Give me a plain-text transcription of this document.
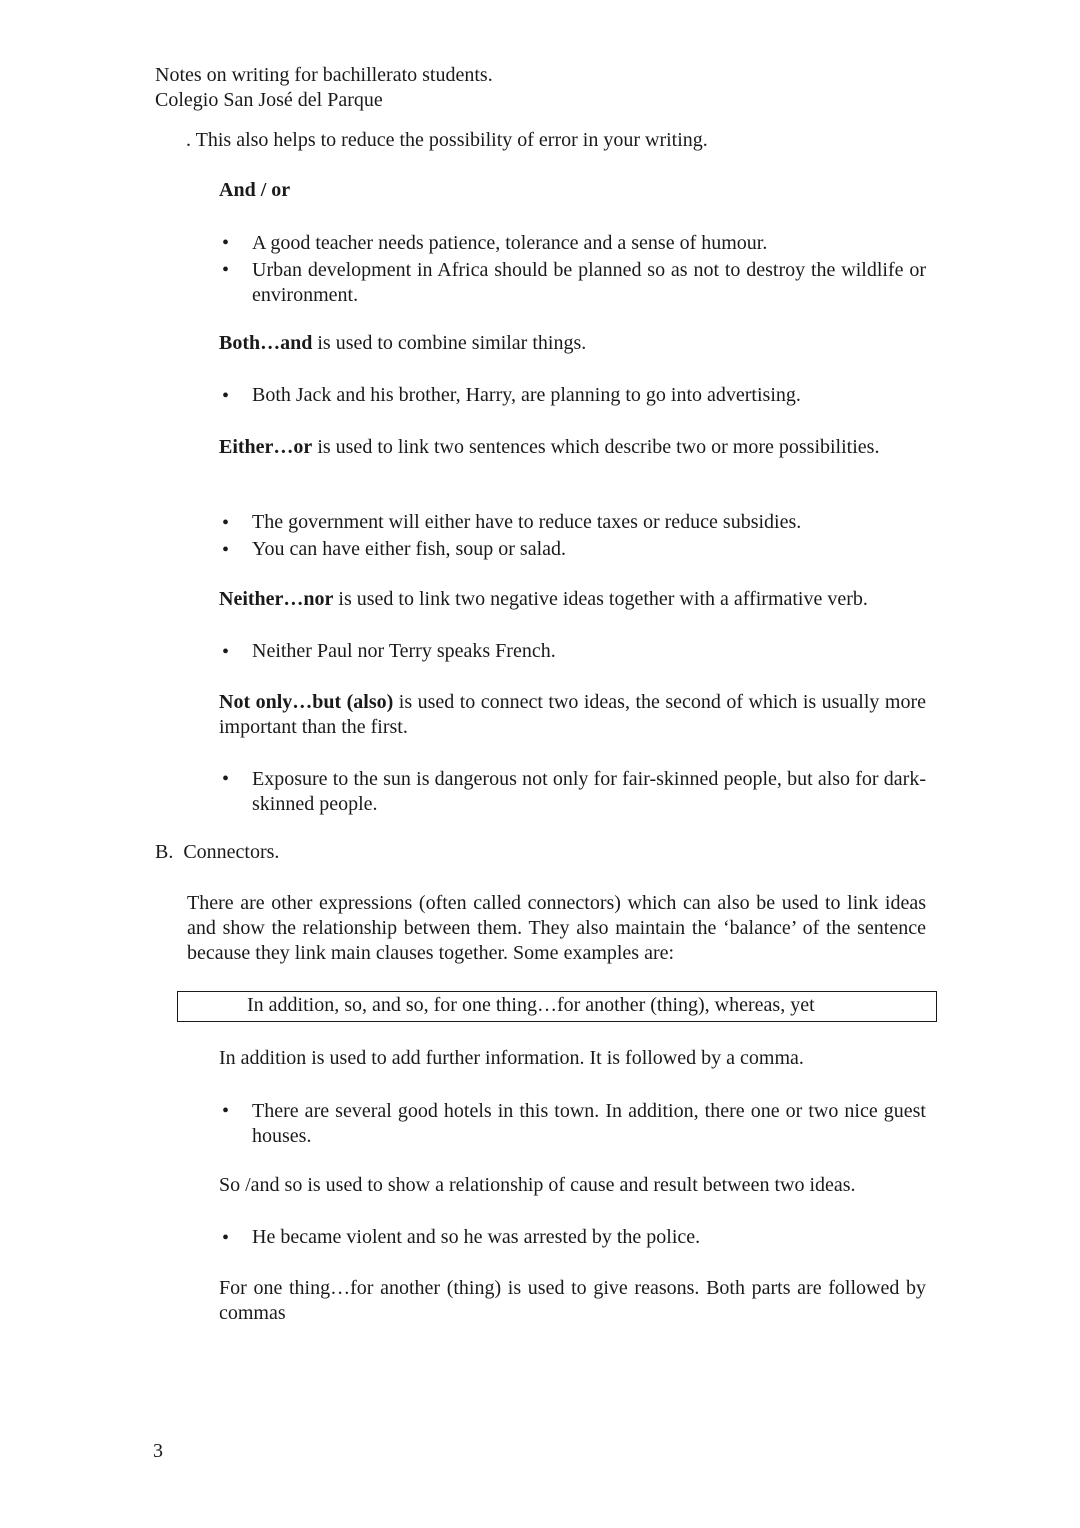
Notes on writing for bachillerato students.
Colegio San José del Parque
. This also helps to reduce the possibility of error in your writing.
And / or
• A good teacher needs patience, tolerance and a sense of humour.
• Urban development in Africa should be planned so as not to destroy the wildlife or environment.
Both…and is used to combine similar things.
• Both Jack and his brother, Harry, are planning to go into advertising.
Either…or is used to link two sentences which describe two or more possibilities.
• The government will either have to reduce taxes or reduce subsidies.
• You can have either fish, soup or salad.
Neither…nor is used to link two negative ideas together with a affirmative verb.
• Neither Paul nor Terry speaks French.
Not only…but (also) is used to connect two ideas, the second of which is usually more important than the first.
• Exposure to the sun is dangerous not only for fair-skinned people, but also for dark-skinned people.
B.  Connectors.
There are other expressions (often called connectors) which can also be used to link ideas and show the relationship between them. They also maintain the ‘balance’ of the sentence because they link main clauses together. Some examples are:
In addition, so, and so, for one thing…for another (thing), whereas, yet
In addition is used to add further information. It is followed by a comma.
• There are several good hotels in this town. In addition, there one or two nice guest houses.
So /and so is used to show a relationship of cause and result between two ideas.
• He became violent and so he was arrested by the police.
For one thing…for another (thing) is used to give reasons. Both parts are followed by commas
3
